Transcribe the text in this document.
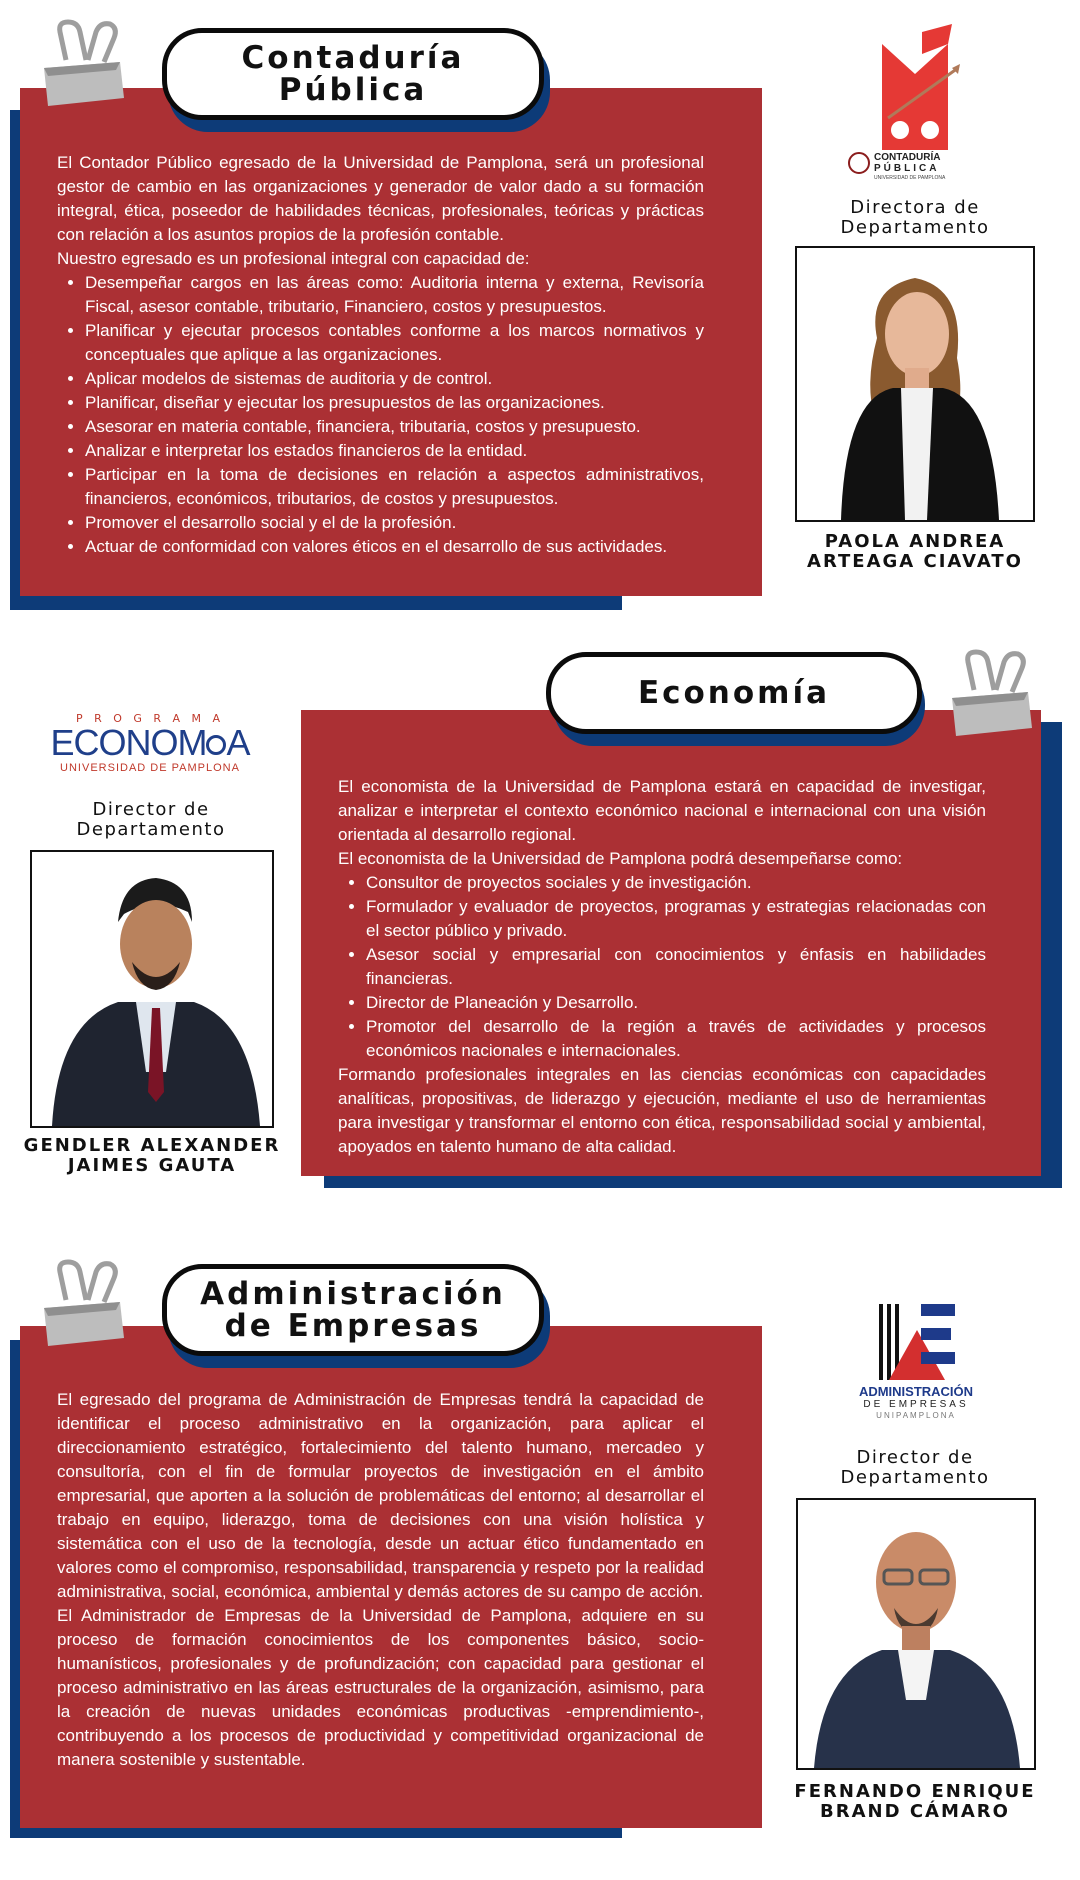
El Contador Público egresado de la Universidad de Pamplona, será un profesional gestor de cambio en las organizaciones y generador de valor dado a su formación integral, ética, poseedor de habilidades técnicas, profesionales, teóricas y prácticas con relación a los asuntos propios de la profesión contable.

Nuestro egresado es un profesional integral con capacidad de:

• Desempeñar cargos en las áreas como: Auditoria interna y externa, Revisoría Fiscal, asesor contable, tributario, Financiero, costos y presupuestos.
• Planificar y ejecutar procesos contables conforme a los marcos normativos y conceptuales que aplique a las organizaciones.
• Aplicar modelos de sistemas de auditoria y de control.
• Planificar, diseñar y ejecutar los presupuestos de las organizaciones.
• Asesorar en materia contable, financiera, tributaria, costos y presupuesto.
• Analizar e interpretar los estados financieros de la entidad.
• Participar en la toma de decisiones en relación a aspectos administrativos, financieros, económicos, tributarios, de costos y presupuestos.
• Promover el desarrollo social y el de la profesión.
• Actuar de conformidad con valores éticos en el desarrollo de sus actividades.
Contaduría
Pública
CONTADURÍA
PÚBLICA
UNIVERSIDAD DE PAMPLONA
Directora de
Departamento
PAOLA ANDREA
ARTEAGA CIAVATO

El economista de la Universidad de Pamplona estará en capacidad de investigar, analizar e interpretar el contexto económico nacional e internacional con una visión orientada al desarrollo regional.

El economista de la Universidad de Pamplona podrá desempeñarse como:

• Consultor de proyectos sociales y de investigación.
• Formulador y evaluador de proyectos, programas y estrategias relacionadas con el sector público y privado.
• Asesor social y empresarial con conocimientos y énfasis en habilidades financieras.
• Director de Planeación y Desarrollo.
• Promotor del desarrollo de la región a través de actividades y procesos económicos nacionales e internacionales.

Formando profesionales integrales en las ciencias económicas con capacidades analíticas, propositivas, de liderazgo y ejecución, mediante el uso de herramientas para investigar y transformar el entorno con ética, responsabilidad social y ambiental, apoyados en talento humano de alta calidad.

Economía
P R O G R A M A
ECONOM A
UNIVERSIDAD DE PAMPLONA
Director de
Departamento
GENDLER ALEXANDER
JAIMES GAUTA

El egresado del programa de Administración de Empresas tendrá la capacidad de identificar el proceso administrativo en la organización, para aplicar el direccionamiento estratégico, fortalecimiento del talento humano, mercadeo y consultoría, con el fin de formular proyectos de investigación en el ámbito empresarial, que aporten a la solución de problemáticas del entorno; al desarrollar el trabajo en equipo, liderazgo, toma de decisiones con una visión holística y sistemática con el uso de la tecnología, desde un actuar ético fundamentado en valores como el compromiso, responsabilidad, transparencia y respeto por la realidad administrativa, social, económica, ambiental y demás actores de su campo de acción.

El Administrador de Empresas de la Universidad de Pamplona, adquiere en su proceso de formación conocimientos de los componentes básico, socio-humanísticos, profesionales y de profundización; con capacidad para gestionar el proceso administrativo en las áreas estructurales de la organización, asimismo, para la creación de nuevas unidades económicas productivas -emprendimiento-, contribuyendo a los procesos de productividad y competitividad organizacional de manera sostenible y sustentable.

Administración
de Empresas
ADMINISTRACIÓN
DE EMPRESAS
UNIPAMPLONA
Director de
Departamento
FERNANDO ENRIQUE
BRAND CÁMARO
